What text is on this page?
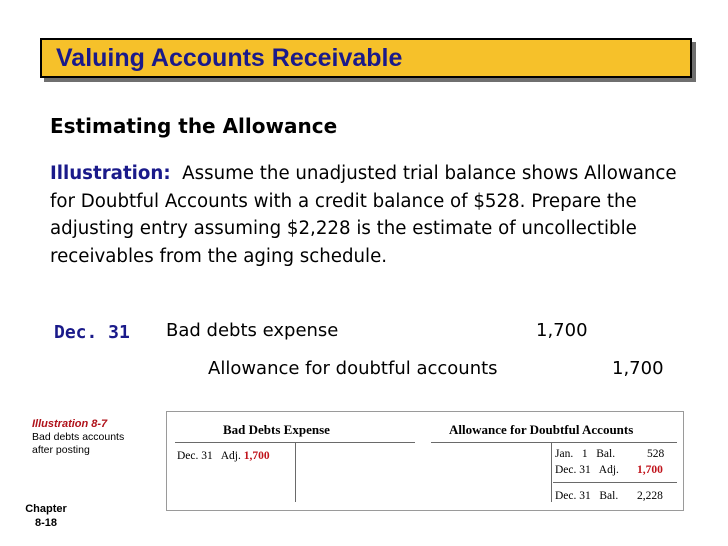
Valuing Accounts Receivable
Estimating the Allowance
Illustration: Assume the unadjusted trial balance shows Allowance for Doubtful Accounts with a credit balance of $528. Prepare the adjusting entry assuming $2,228 is the estimate of uncollectible receivables from the aging schedule.
Dec. 31 Bad debts expense	1,700
Allowance for doubtful accounts	1,700
Illustration 8-7
Bad debts accounts
after posting
Bad Debts Expense
Dec. 31   Adj. 1,700
Allowance for Doubtful Accounts
Jan.   1 Bal.	528
Dec. 31 Adj. 1,700
Dec. 31 Bal. 2,228
Chapter
8-18
